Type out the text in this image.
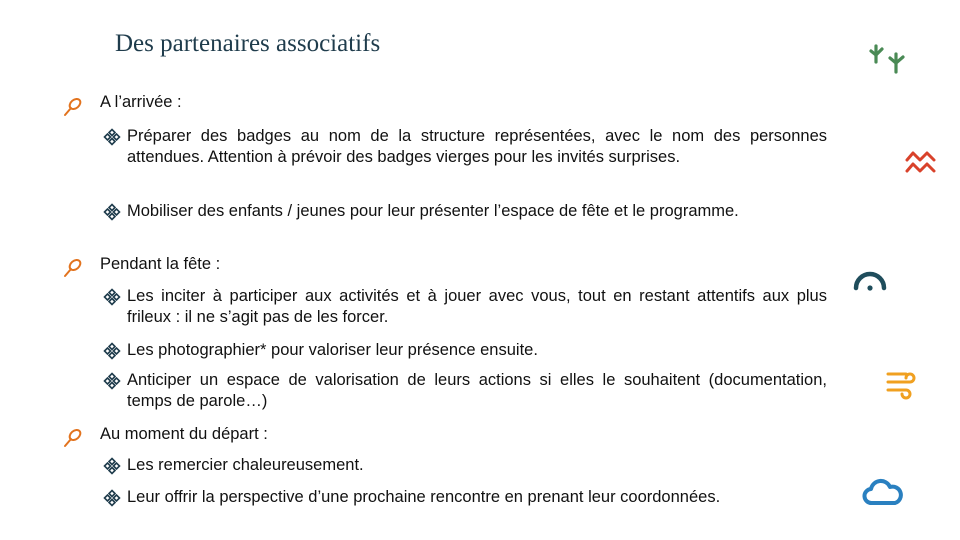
Des partenaires associatifs

A l’arrivée :

Préparer des badges au nom de la structure représentées, avec le nom des personnes attendues. Attention à prévoir des badges vierges pour les invités surprises.
Mobiliser des enfants / jeunes pour leur présenter l’espace de fête et le programme.

Pendant la fête :

Les inciter à participer aux activités et à jouer avec vous, tout en restant attentifs aux plus frileux : il ne s’agit pas de les forcer.
Les photographier* pour valoriser leur présence ensuite.
Anticiper un espace de valorisation de leurs actions si elles le souhaitent (documentation, temps de parole…)

Au moment du départ :

Les remercier chaleureusement.
Leur offrir la perspective d’une prochaine rencontre en prenant leur coordonnées.
